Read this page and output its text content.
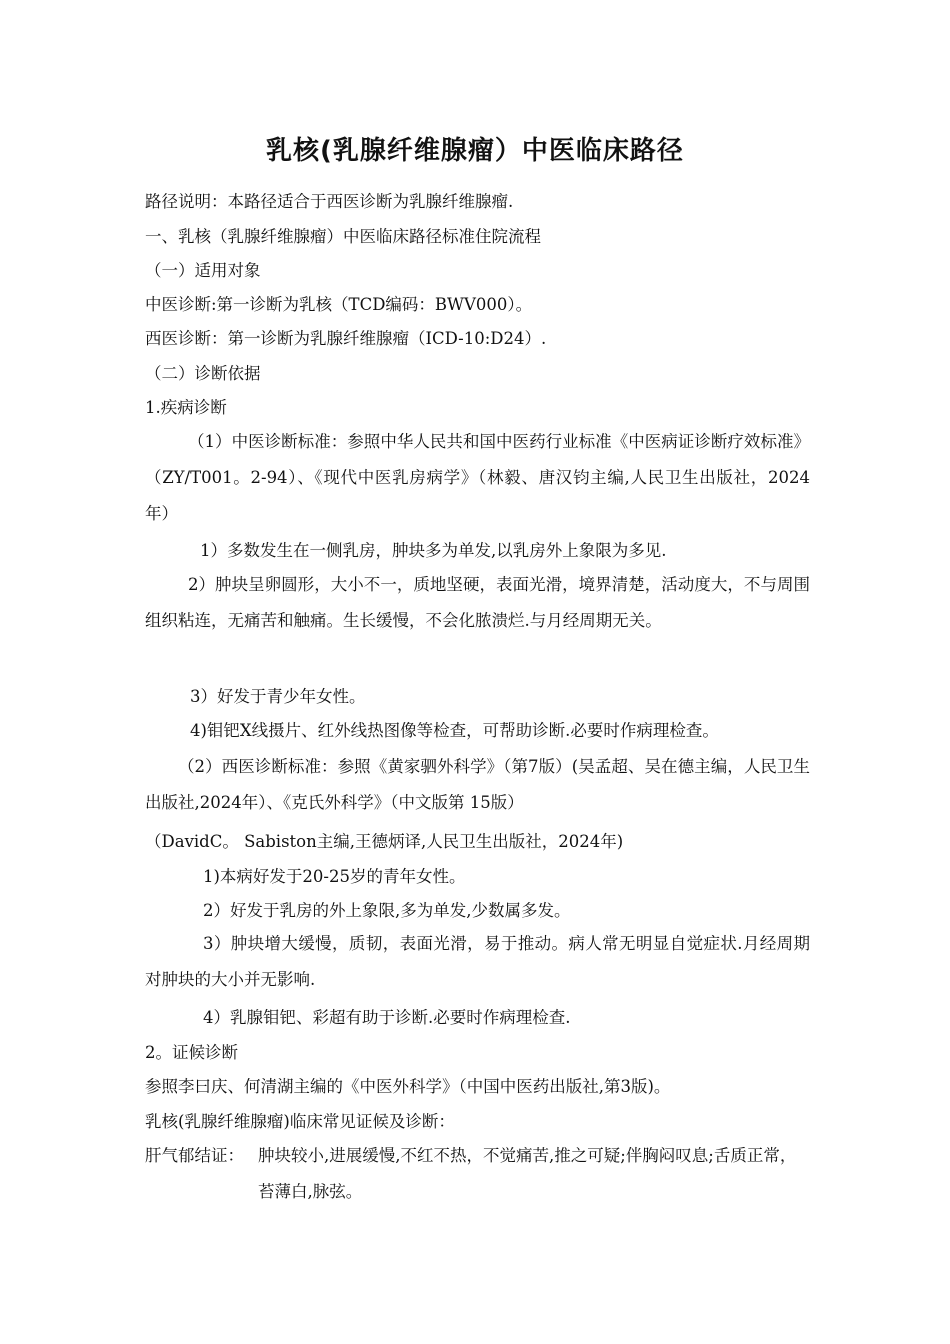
乳核(乳腺纤维腺瘤）中医临床路径
路径说明：本路径适合于西医诊断为乳腺纤维腺瘤.
一、乳核（乳腺纤维腺瘤）中医临床路径标准住院流程
（一）适用对象
中医诊断:第一诊断为乳核（TCD编码：BWV000）。
西医诊断：第一诊断为乳腺纤维腺瘤（ICD-10:D24）.
（二）诊断依据
1.疾病诊断
（1）中医诊断标准：参照中华人民共和国中医药行业标准《中医病证诊断疗效标准》（ZY/T001。2-94）、《现代中医乳房病学》（林毅、唐汉钧主编,人民卫生出版社，2024年）
1）多数发生在一侧乳房，肿块多为单发,以乳房外上象限为多见.
2）肿块呈卵圆形，大小不一，质地坚硬，表面光滑，境界清楚，活动度大，不与周围组织粘连，无痛苦和触痛。生长缓慢，不会化脓溃烂.与月经周期无关。
3）好发于青少年女性。
4)钼钯X线摄片、红外线热图像等检查，可帮助诊断.必要时作病理检查。
（2）西医诊断标准：参照《黄家驷外科学》（第7版）(吴孟超、吴在德主编，人民卫生出版社,2024年）、《克氏外科学》（中文版第 15版）
（DavidC。 Sabiston主编,王德炳译,人民卫生出版社，2024年)
1)本病好发于20-25岁的青年女性。
2）好发于乳房的外上象限,多为单发,少数属多发。
3）肿块增大缓慢，质韧，表面光滑，易于推动。病人常无明显自觉症状.月经周期对肿块的大小并无影响.
4）乳腺钼钯、彩超有助于诊断.必要时作病理检查.
2。证候诊断
参照李曰庆、何清湖主编的《中医外科学》（中国中医药出版社,第3版)。
乳核(乳腺纤维腺瘤)临床常见证候及诊断：
肝气郁结证： 肿块较小,进展缓慢,不红不热，不觉痛苦,推之可疑;伴胸闷叹息;舌质正常，苔薄白,脉弦。
